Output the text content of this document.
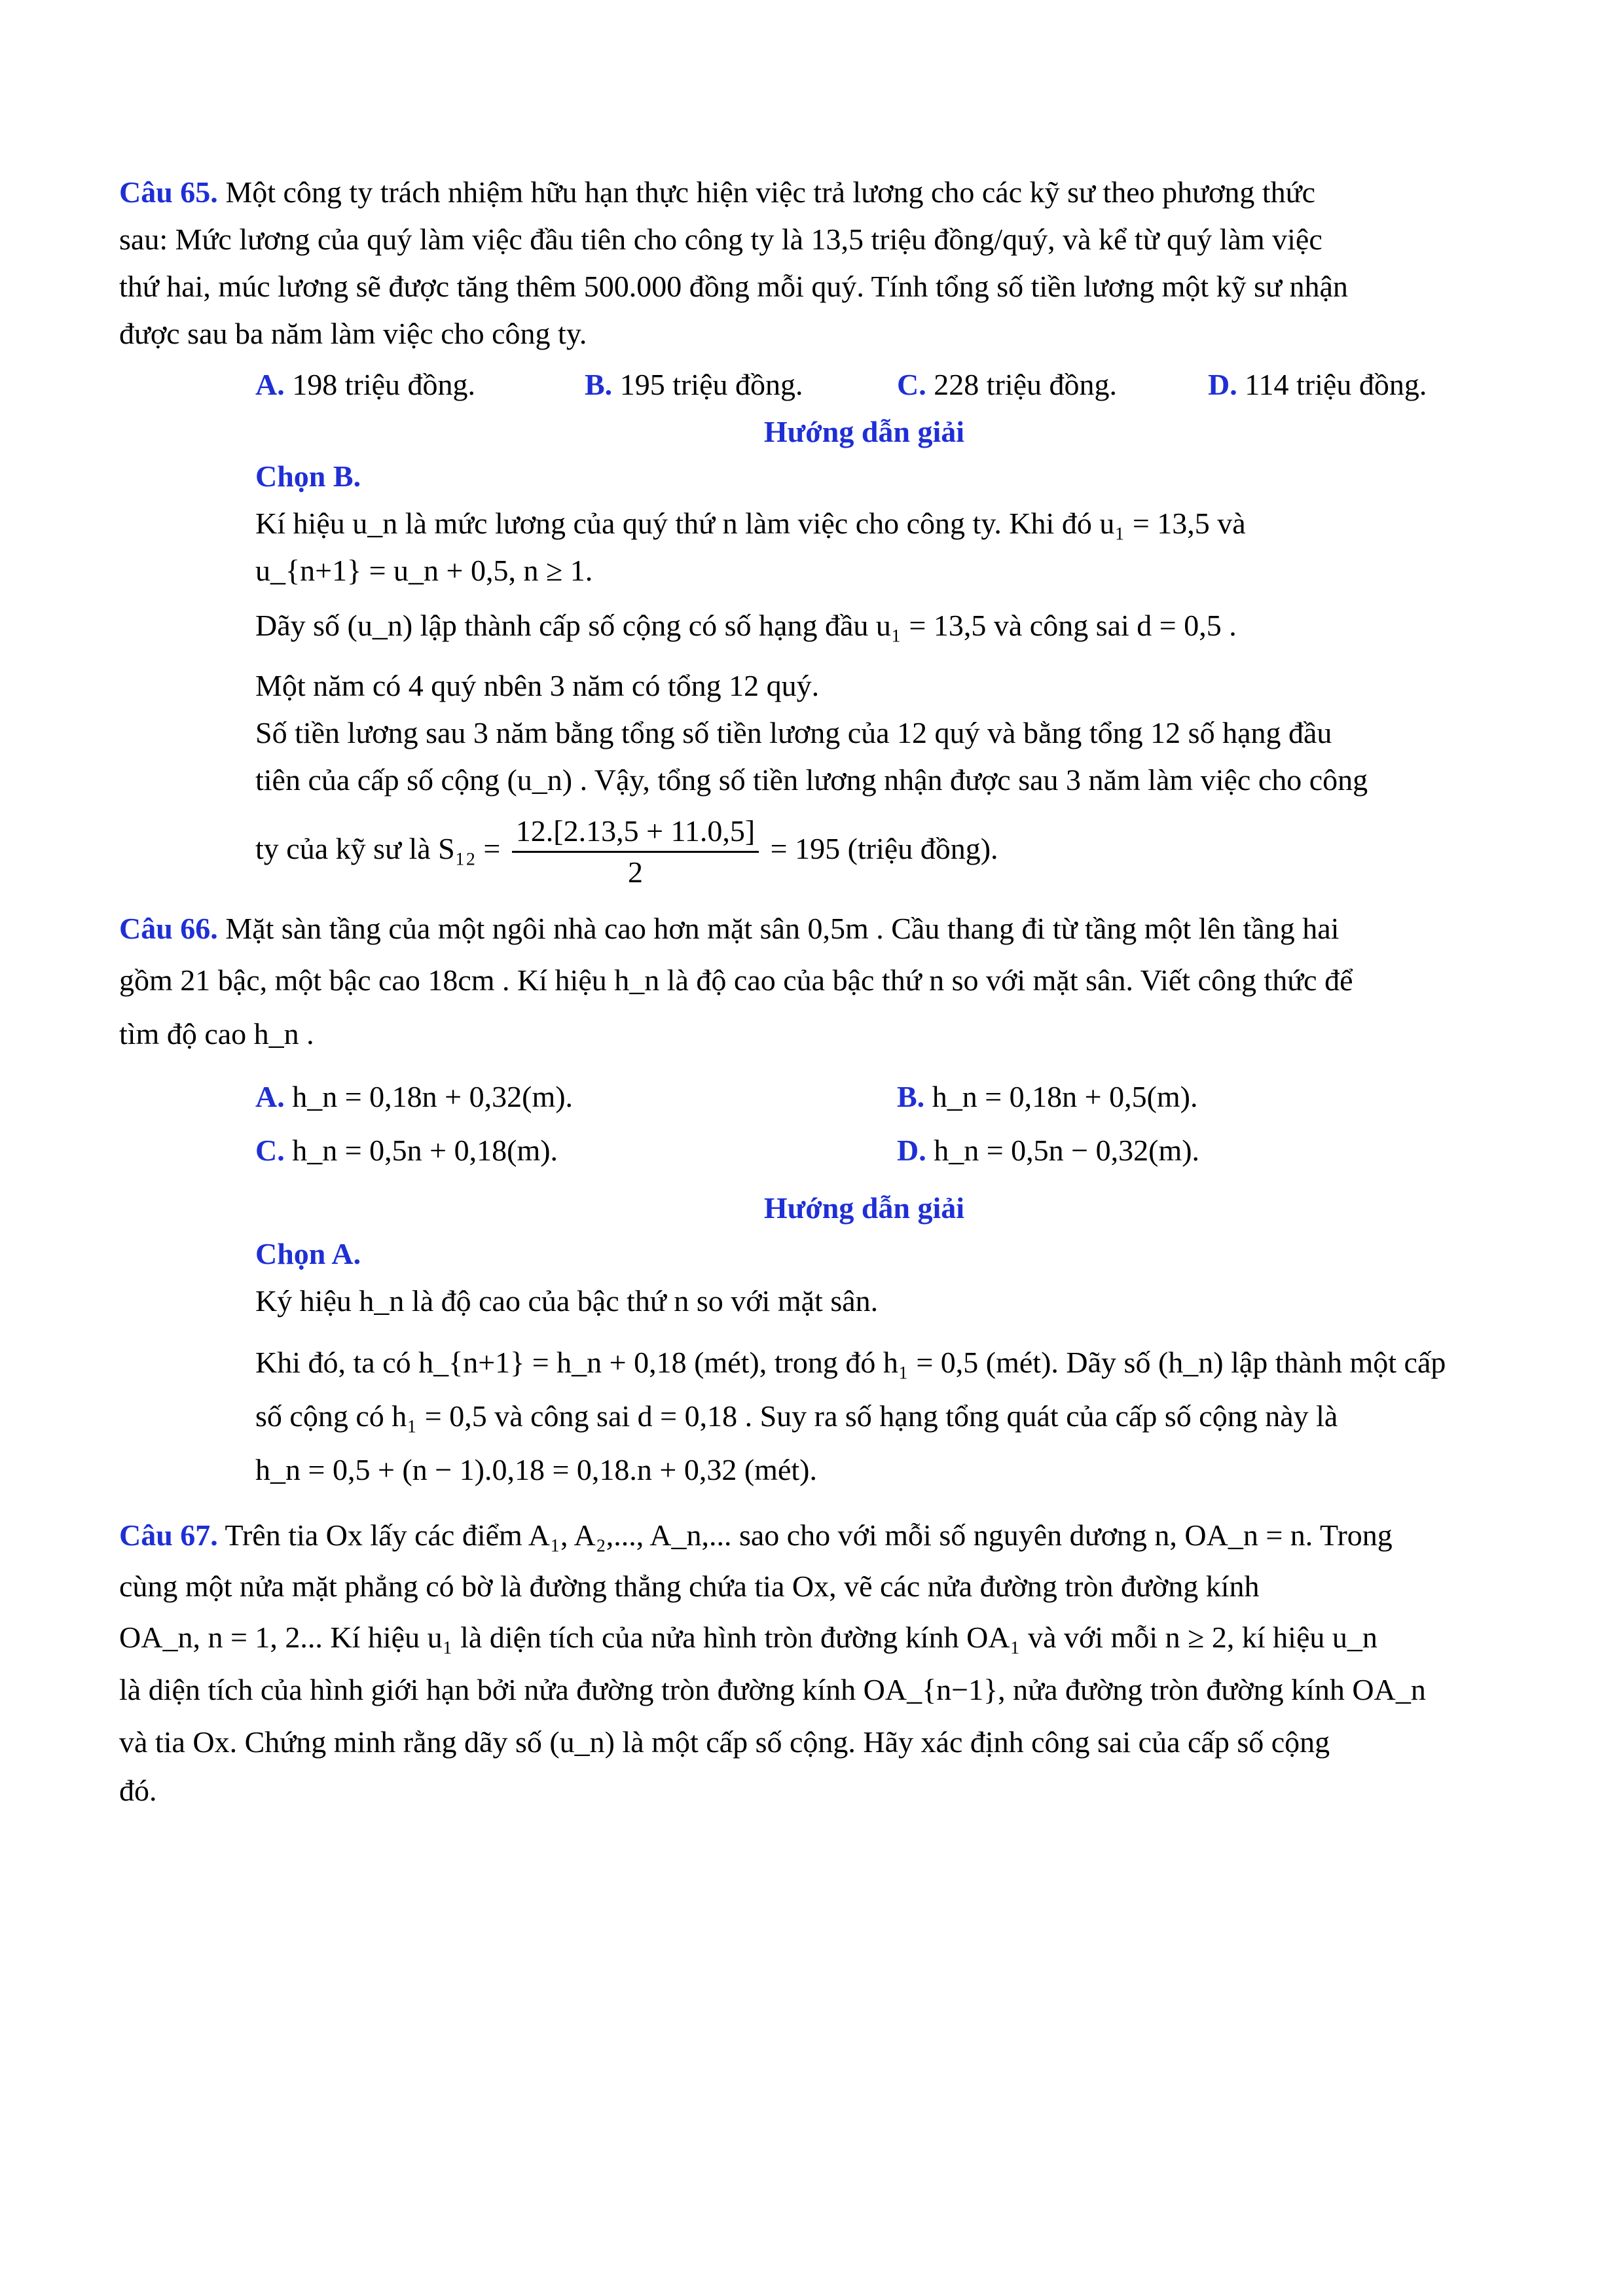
Câu 65. Một công ty trách nhiệm hữu hạn thực hiện việc trả lương cho các kỹ sư theo phương thức
sau: Mức lương của quý làm việc đầu tiên cho công ty là 13,5 triệu đồng/quý, và kể từ quý làm việc
thứ hai, múc lương sẽ được tăng thêm 500.000 đồng mỗi quý. Tính tổng số tiền lương một kỹ sư nhận
được sau ba năm làm việc cho công ty.
A. 198 triệu đồng.	B. 195 triệu đồng.	C. 228 triệu đồng.	D. 114 triệu đồng.
Hướng dẫn giải
Chọn B.
Kí hiệu u_n là mức lương của quý thứ n làm việc cho công ty. Khi đó u₁ = 13,5 và
u_{n+1} = u_n + 0,5, n ≥ 1.
Dãy số (u_n) lập thành cấp số cộng có số hạng đầu u₁ = 13,5 và công sai d = 0,5 .
Một năm có 4 quý nbên 3 năm có tổng 12 quý.
Số tiền lương sau 3 năm bằng tổng số tiền lương của 12 quý và bằng tổng 12 số hạng đầu
tiên của cấp số cộng (u_n) . Vậy, tổng số tiền lương nhận được sau 3 năm làm việc cho công
ty của kỹ sư là $S_{12} = \frac{12.[2.13,5 + 11.0,5]}{2} = 195$ (triệu đồng).
Câu 66. Mặt sàn tầng của một ngôi nhà cao hơn mặt sân 0,5m . Cầu thang đi từ tầng một lên tầng hai
gồm 21 bậc, một bậc cao 18cm . Kí hiệu h_n là độ cao của bậc thứ n so với mặt sân. Viết công thức để
tìm độ cao h_n .
A. h_n = 0,18n + 0,32(m).	B. h_n = 0,18n + 0,5(m).
C. h_n = 0,5n + 0,18(m).	D. h_n = 0,5n − 0,32(m).
Hướng dẫn giải
Chọn A.
Ký hiệu h_n là độ cao của bậc thứ n so với mặt sân.
Khi đó, ta có h_{n+1} = h_n + 0,18 (mét), trong đó h₁ = 0,5 (mét). Dãy số (h_n) lập thành một cấp
số cộng có h₁ = 0,5 và công sai d = 0,18 . Suy ra số hạng tổng quát của cấp số cộng này là
h_n = 0,5 + (n − 1).0,18 = 0,18.n + 0,32 (mét).
Câu 67. Trên tia Ox lấy các điểm A₁, A₂,..., A_n,... sao cho với mỗi số nguyên dương n, OA_n = n. Trong
cùng một nửa mặt phẳng có bờ là đường thẳng chứa tia Ox, vẽ các nửa đường tròn đường kính
OA_n, n = 1, 2... Kí hiệu u₁ là diện tích của nửa hình tròn đường kính OA₁ và với mỗi n ≥ 2, kí hiệu u_n
là diện tích của hình giới hạn bởi nửa đường tròn đường kính OA_{n−1}, nửa đường tròn đường kính OA_n
và tia Ox. Chứng minh rằng dãy số (u_n) là một cấp số cộng. Hãy xác định công sai của cấp số cộng
đó.
